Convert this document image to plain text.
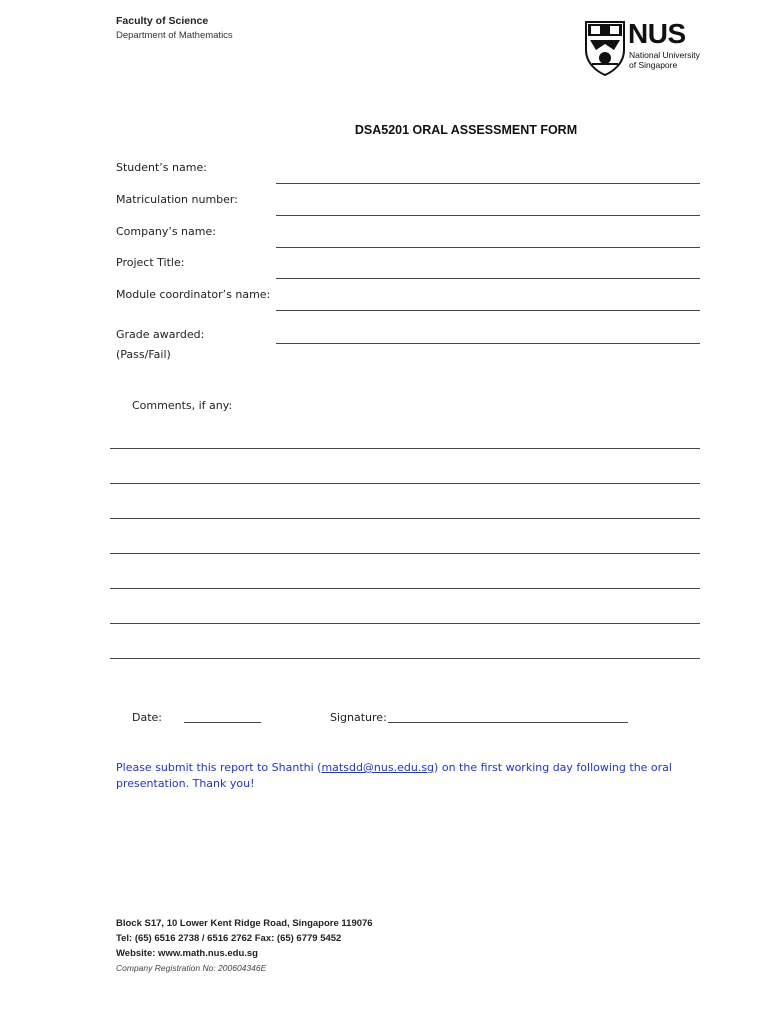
Faculty of Science
Department of Mathematics	NUS
National University
of Singapore
DSA5201 ORAL ASSESSMENT FORM
Student’s name:
Matriculation number:
Company’s name:
Project Title:
Module coordinator’s name:
Grade awarded:
(Pass/Fail)
Comments, if any:
Date:	Signature:
Please submit this report to Shanthi (matsdd@nus.edu.sg) on the first working day following the oral
presentation. Thank you!
Block S17, 10 Lower Kent Ridge Road, Singapore 119076
Tel: (65) 6516 2738 / 6516 2762 Fax: (65) 6779 5452
Website: www.math.nus.edu.sg
Company Registration No: 200604346E
